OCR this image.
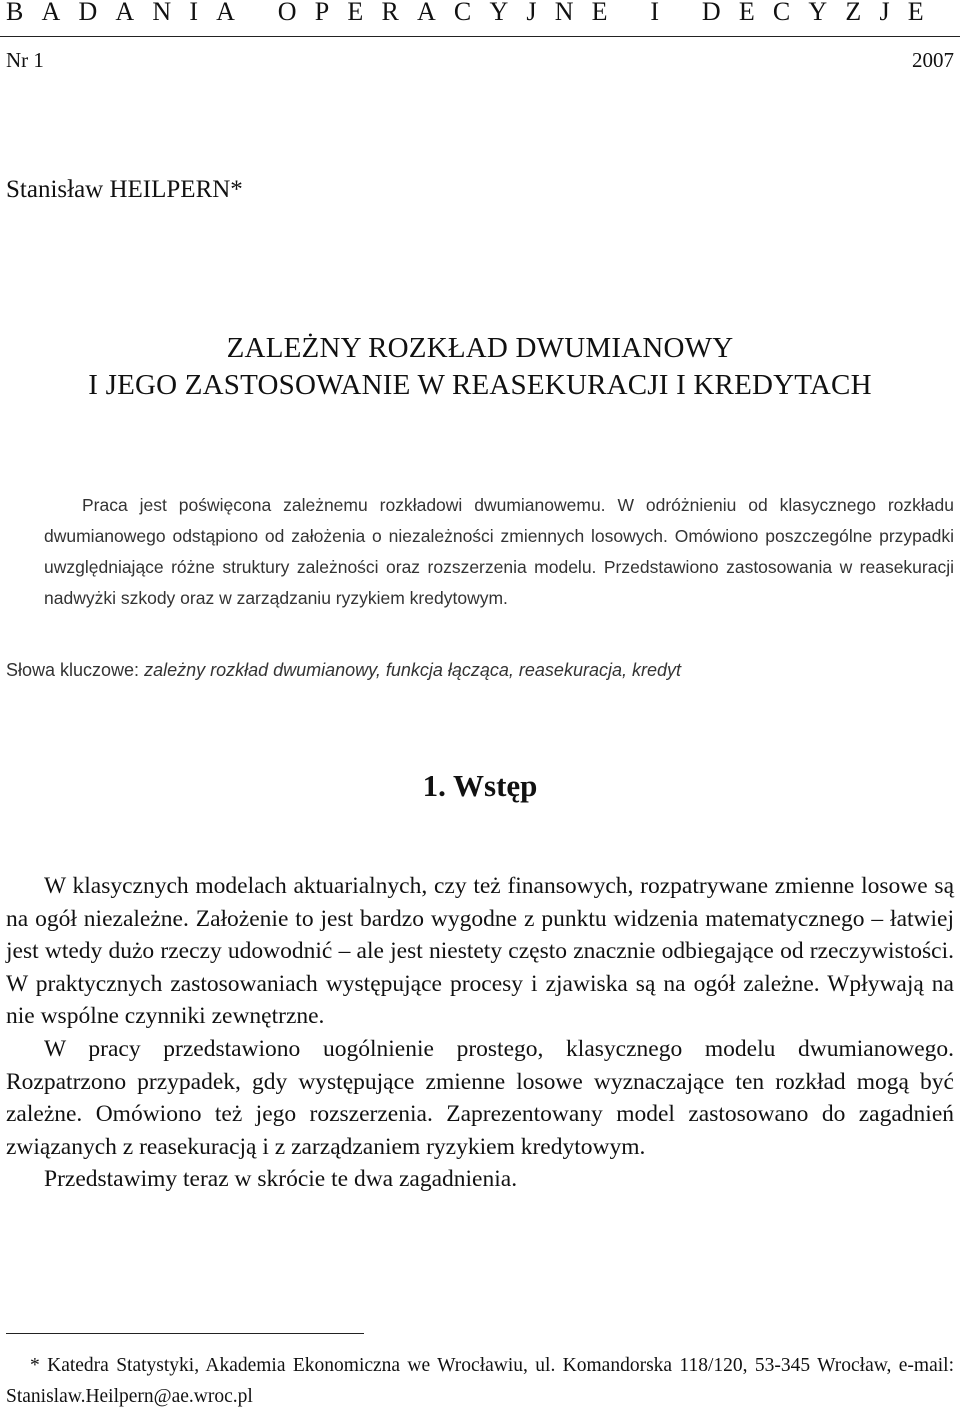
B A D A N I A
O P E R A C Y J N E
I
D E C Y Z J E
Nr 1	2007
Stanisław HEILPERN*
ZALEŻNY ROZKŁAD DWUMIANOWY
I JEGO ZASTOSOWANIE W REASEKURACJI I KREDYTACH

Praca jest poświęcona zależnemu rozkładowi dwumianowemu. W odróżnieniu od klasycznego rozkładu dwumianowego odstąpiono od założenia o niezależności zmiennych losowych. Omówiono poszczególne przypadki uwzględniające różne struktury zależności oraz rozszerzenia modelu. Przedstawiono zastosowania w reasekuracji nadwyżki szkody oraz w zarządzaniu ryzykiem kredytowym.

Słowa kluczowe: zależny rozkład dwumianowy, funkcja łącząca, reasekuracja, kredyt
1. Wstęp

W klasycznych modelach aktuarialnych, czy też finansowych, rozpatrywane zmienne losowe są na ogół niezależne. Założenie to jest bardzo wygodne z punktu widzenia matematycznego – łatwiej jest wtedy dużo rzeczy udowodnić – ale jest niestety często znacznie odbiegające od rzeczywistości. W praktycznych zastosowaniach występujące procesy i zjawiska są na ogół zależne. Wpływają na nie wspólne czynniki zewnętrzne.

W pracy przedstawiono uogólnienie prostego, klasycznego modelu dwumianowego. Rozpatrzono przypadek, gdy występujące zmienne losowe wyznaczające ten rozkład mogą być zależne. Omówiono też jego rozszerzenia. Zaprezentowany model zastosowano do zagadnień związanych z reasekuracją i z zarządzaniem ryzykiem kredytowym.

Przedstawimy teraz w skrócie te dwa zagadnienia.

* Katedra Statystyki, Akademia Ekonomiczna we Wrocławiu, ul. Komandorska 118/120, 53-345 Wrocław, e-mail: Stanislaw.Heilpern@ae.wroc.pl
